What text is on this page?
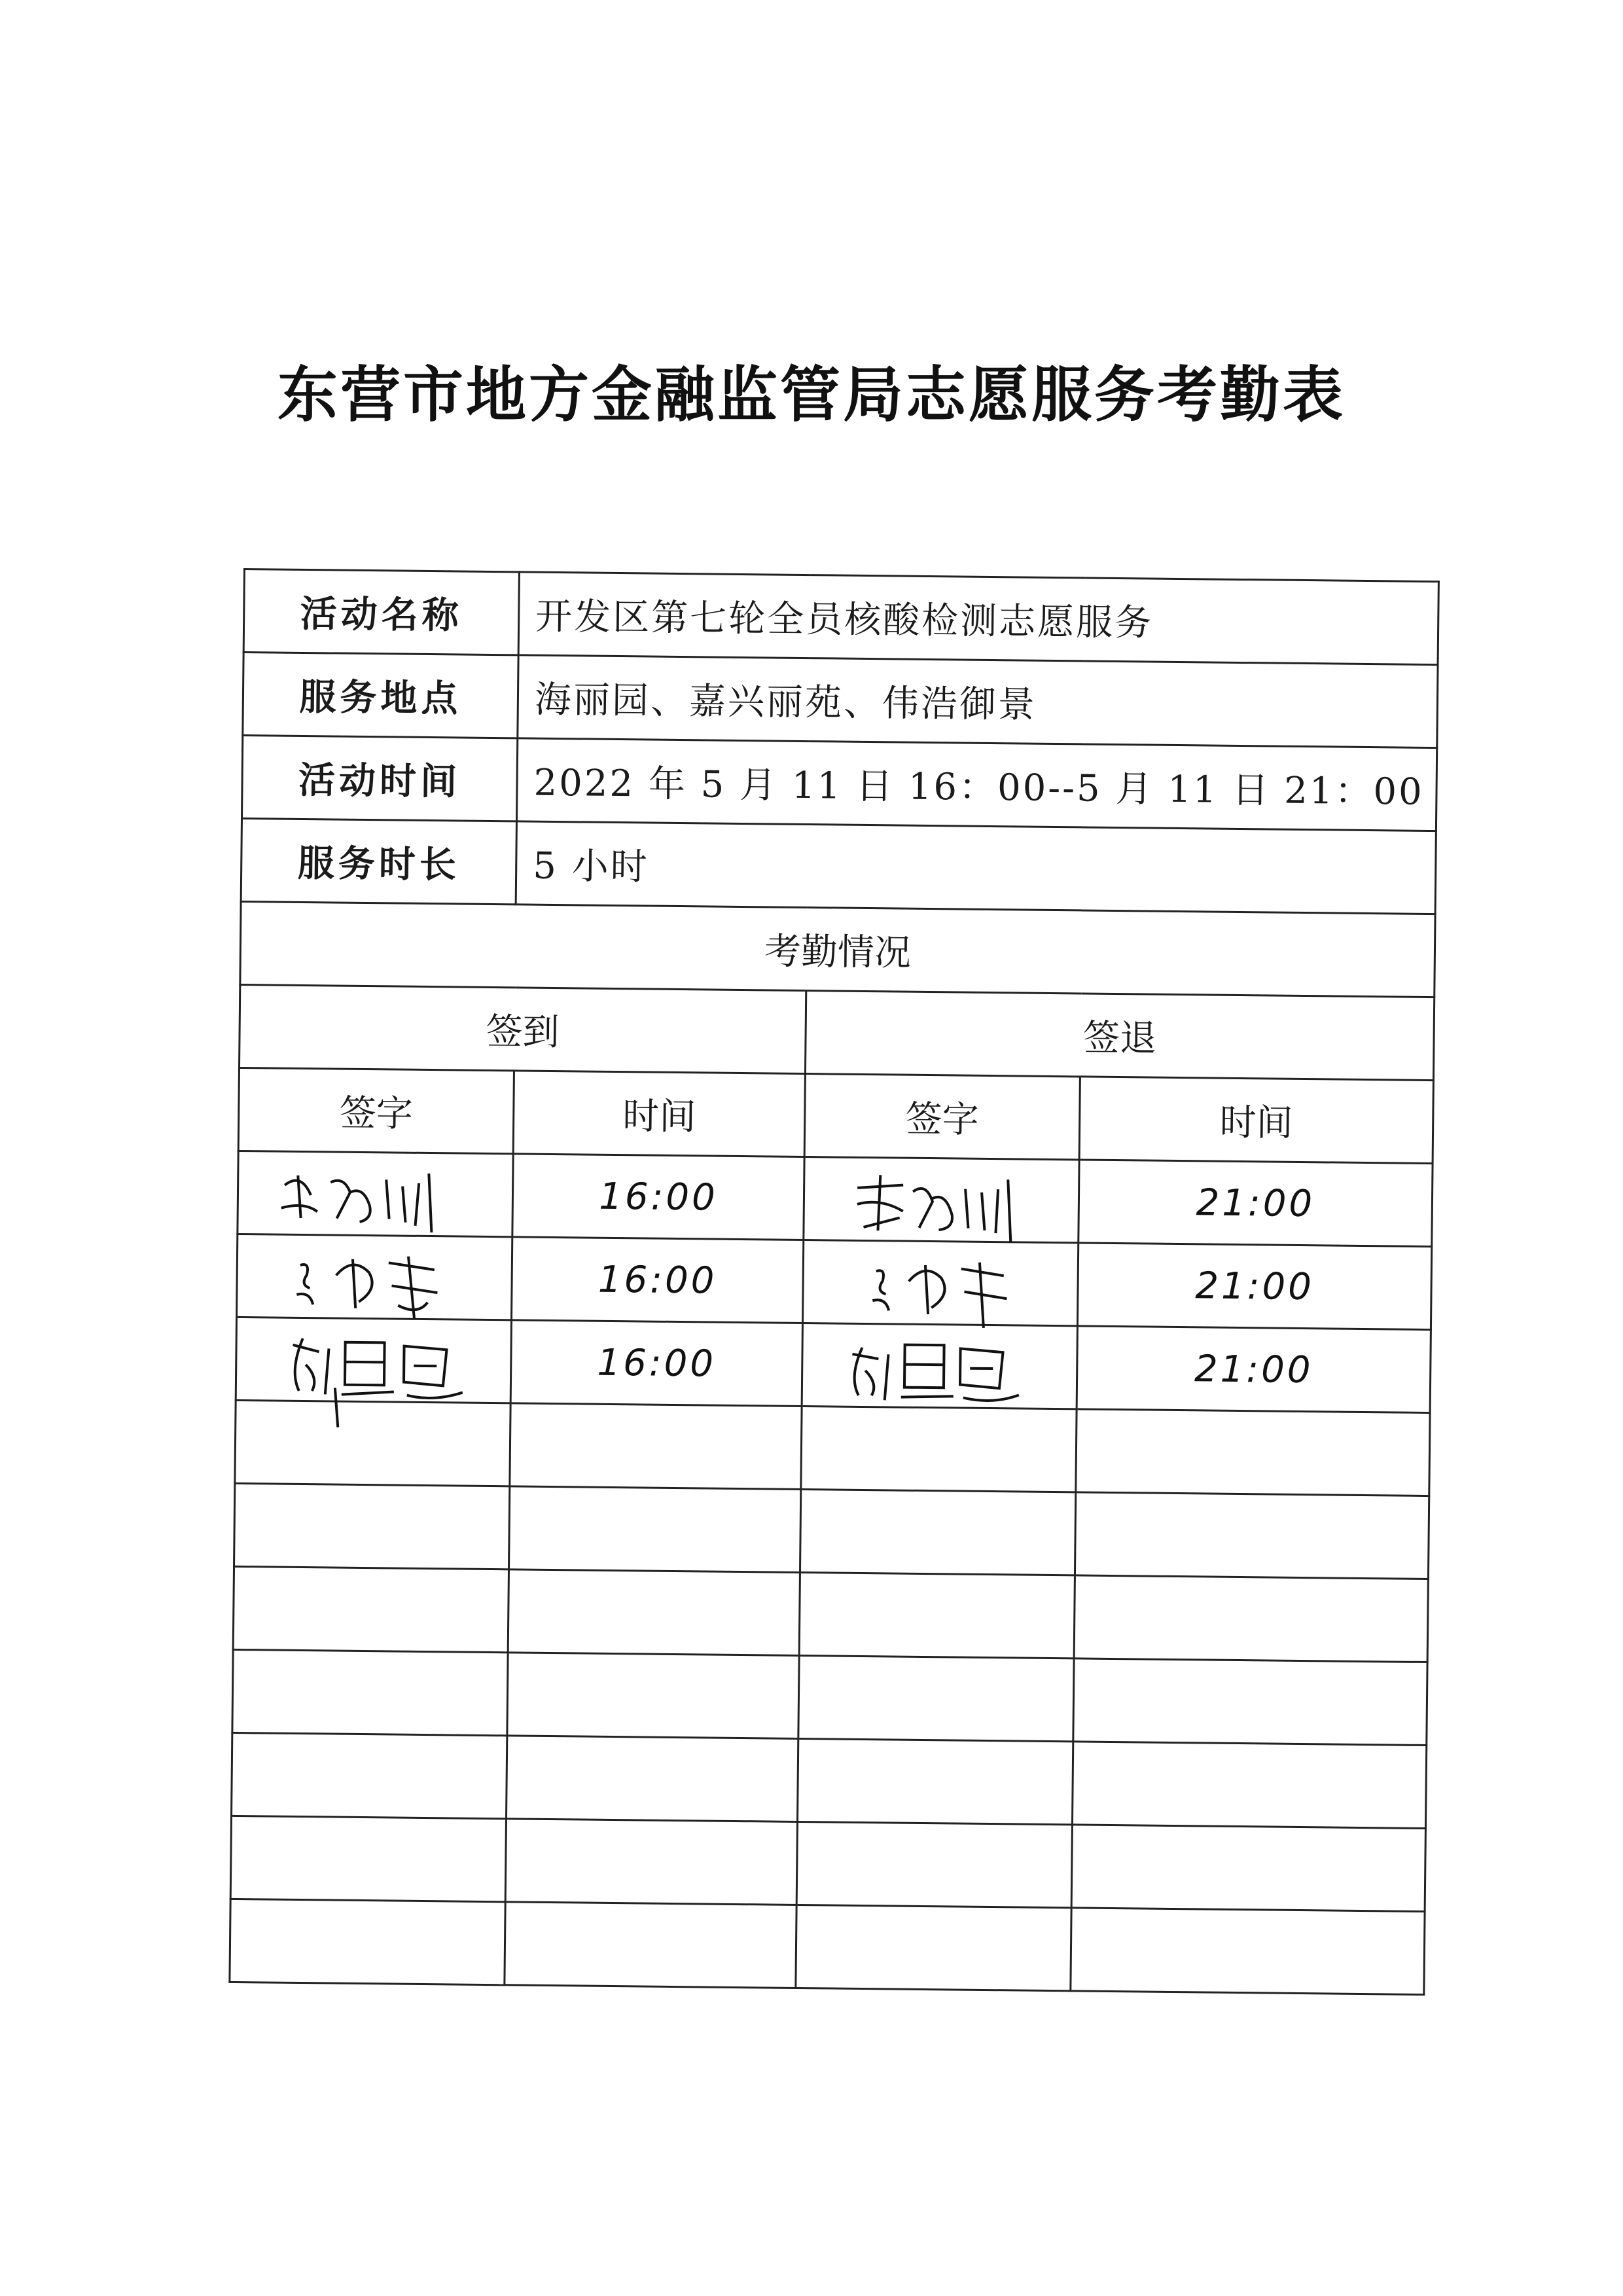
东营市地方金融监管局志愿服务考勤表
活动名称	开发区第七轮全员核酸检测志愿服务		
服务地点	海丽园、嘉兴丽苑、伟浩御景		
活动时间	2022 年 5 月 11 日 16：00--5 月 11 日 21：00		
服务时长	5 小时		
考勤情况			
签到		签退	
签字	时间	签字	时间

	16:00		21:00

	16:00		21:00

	16:00		21:00
